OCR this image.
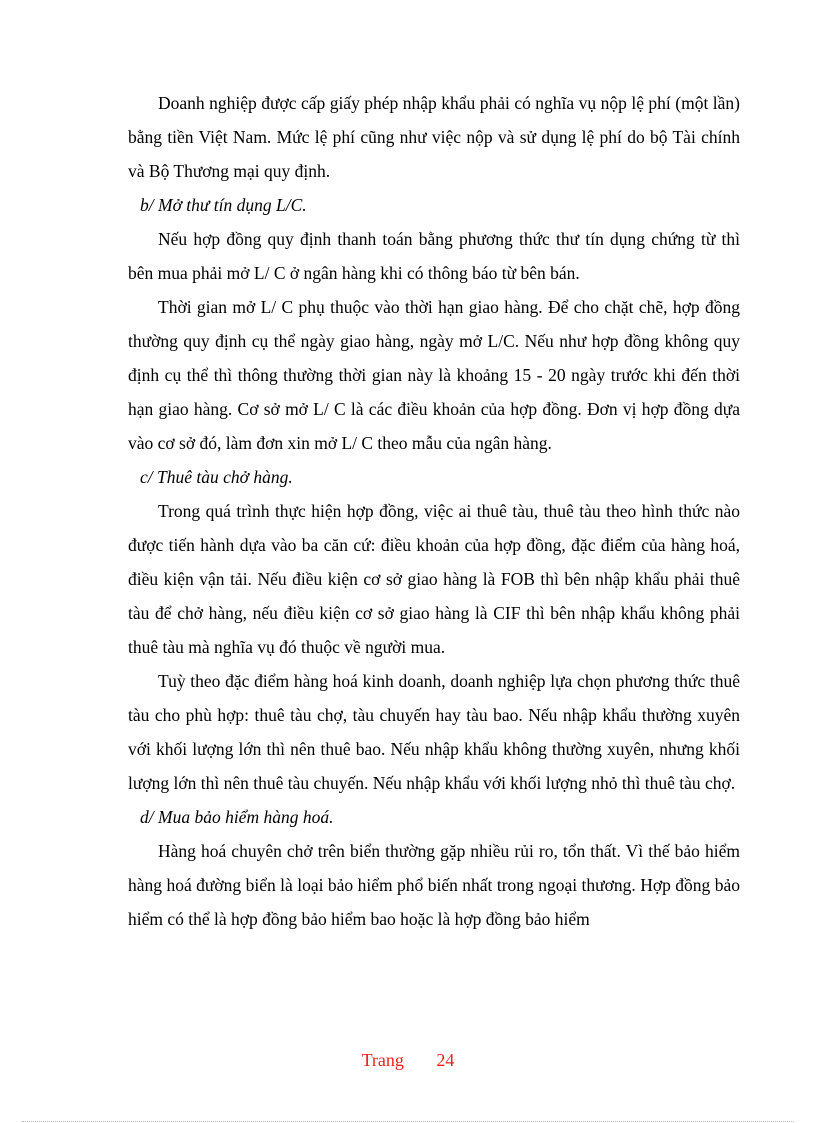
Doanh nghiệp được cấp giấy phép nhập khẩu phải có nghĩa vụ nộp lệ phí (một lần) bằng tiền Việt Nam. Mức lệ phí cũng như việc nộp và sử dụng lệ phí do bộ Tài chính và Bộ Thương mại quy định.

b/ Mở thư tín dụng L/C.

Nếu hợp đồng quy định thanh toán bằng phương thức thư tín dụng chứng từ thì bên mua phải mở L/ C ở ngân hàng khi có thông báo từ bên bán.

Thời gian mở L/ C phụ thuộc vào thời hạn giao hàng. Để cho chặt chẽ, hợp đồng thường quy định cụ thể ngày giao hàng, ngày mở L/C. Nếu như hợp đồng không quy định cụ thể thì thông thường thời gian này là khoảng 15 - 20 ngày trước khi đến thời hạn giao hàng. Cơ sở mở L/ C là các điều khoản của hợp đồng. Đơn vị hợp đồng dựa vào cơ sở đó, làm đơn xin mở L/ C theo mẫu của ngân hàng.

c/ Thuê tàu chở hàng.

Trong quá trình thực hiện hợp đồng, việc ai thuê tàu, thuê tàu theo hình thức nào được tiến hành dựa vào ba căn cứ: điều khoản của hợp đồng, đặc điểm của hàng hoá, điều kiện vận tải. Nếu điều kiện cơ sở giao hàng là FOB thì bên nhập khẩu phải thuê tàu để chở hàng, nếu điều kiện cơ sở giao hàng là CIF thì bên nhập khẩu không phải thuê tàu mà nghĩa vụ đó thuộc về người mua.

Tuỳ theo đặc điểm hàng hoá kinh doanh, doanh nghiệp lựa chọn phương thức thuê tàu cho phù hợp: thuê tàu chợ, tàu chuyến hay tàu bao. Nếu nhập khẩu thường xuyên với khối lượng lớn thì nên thuê bao. Nếu nhập khẩu không thường xuyên, nhưng khối lượng lớn thì nên thuê tàu chuyến. Nếu nhập khẩu với khối lượng nhỏ thì thuê tàu chợ.

d/ Mua bảo hiểm hàng hoá.

Hàng hoá chuyên chở trên biển thường gặp nhiều rủi ro, tổn thất. Vì thế bảo hiểm hàng hoá đường biển là loại bảo hiểm phổ biến nhất trong ngoại thương. Hợp đồng bảo hiểm có thể là hợp đồng bảo hiểm bao hoặc là hợp đồng bảo hiểm

Trang 24
